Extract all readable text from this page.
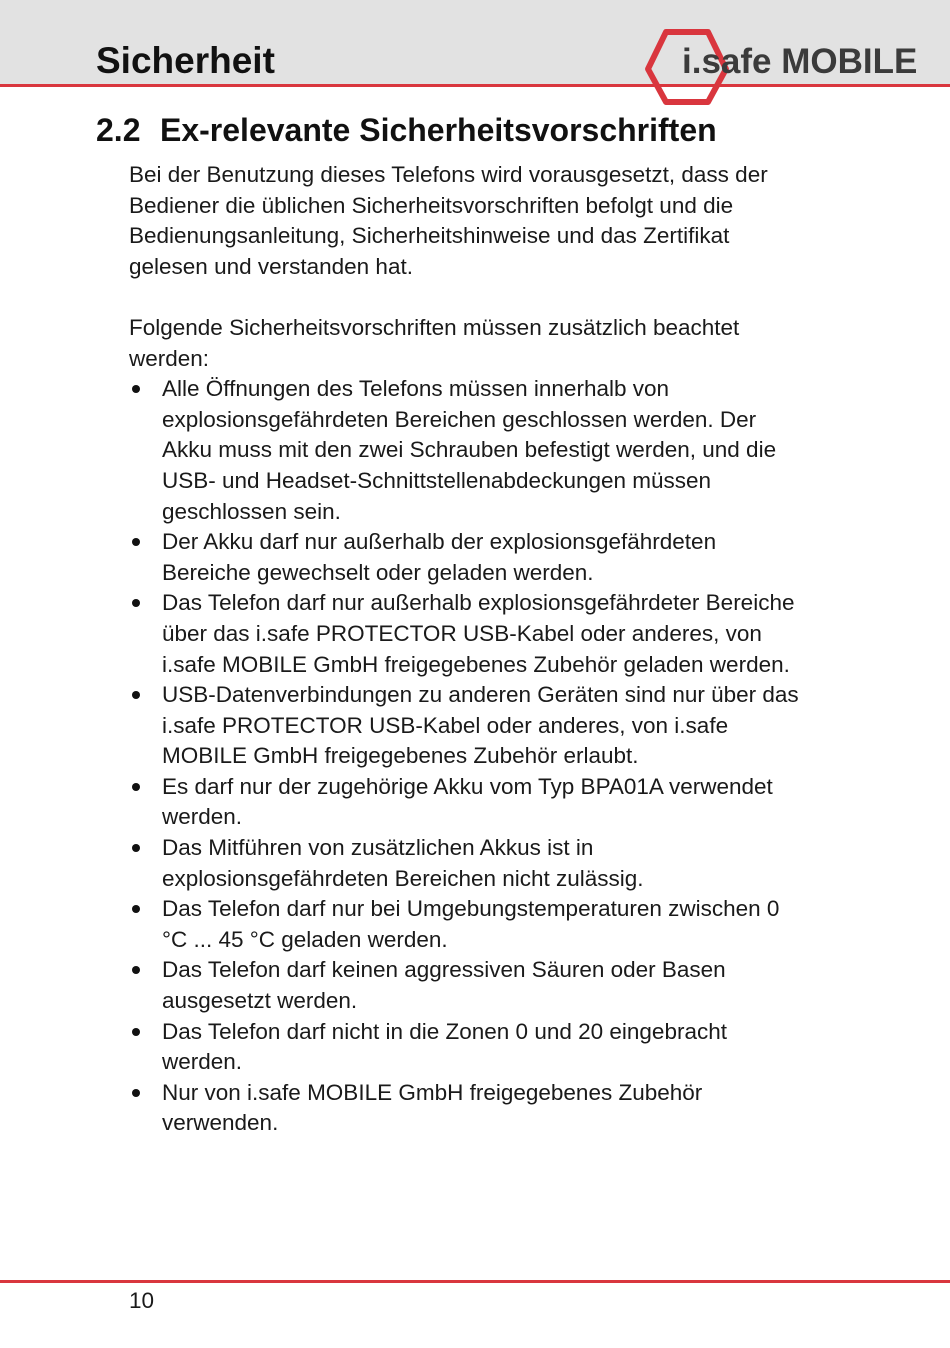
Sicherheit	i.safe MOBILE
2.2 Ex-relevante Sicherheitsvorschriften

Bei der Benutzung dieses Telefons wird vorausgesetzt, dass der Bediener die üblichen Sicherheitsvorschriften befolgt und die Bedienungsanleitung, Sicherheitshinweise und das Zertifikat gelesen und verstanden hat.

Folgende Sicherheitsvorschriften müssen zusätzlich beachtet werden:

Alle Öffnungen des Telefons müssen innerhalb von explosionsgefährdeten Bereichen geschlossen werden. Der Akku muss mit den zwei Schrauben befestigt werden, und die USB- und Headset-Schnittstellenabdeckungen müssen geschlossen sein.
Der Akku darf nur außerhalb der explosionsgefährdeten Bereiche gewechselt oder geladen werden.
Das Telefon darf nur außerhalb explosionsgefährdeter Bereiche über das i.safe PROTECTOR USB-Kabel oder anderes, von i.safe MOBILE GmbH freigegebenes Zubehör geladen werden.
USB-Datenverbindungen zu anderen Geräten sind nur über das i.safe PROTECTOR USB-Kabel oder anderes, von i.safe MOBILE GmbH freigegebenes Zubehör erlaubt.
Es darf nur der zugehörige Akku vom Typ BPA01A verwendet werden.
Das Mitführen von zusätzlichen Akkus ist in explosionsgefährdeten Bereichen nicht zulässig.
Das Telefon darf nur bei Umgebungstemperaturen zwischen 0 °C ... 45 °C geladen werden.
Das Telefon darf keinen aggressiven Säuren oder Basen ausgesetzt werden.
Das Telefon darf nicht in die Zonen 0 und 20 eingebracht werden.
Nur von i.safe MOBILE GmbH freigegebenes Zubehör verwenden.
10
